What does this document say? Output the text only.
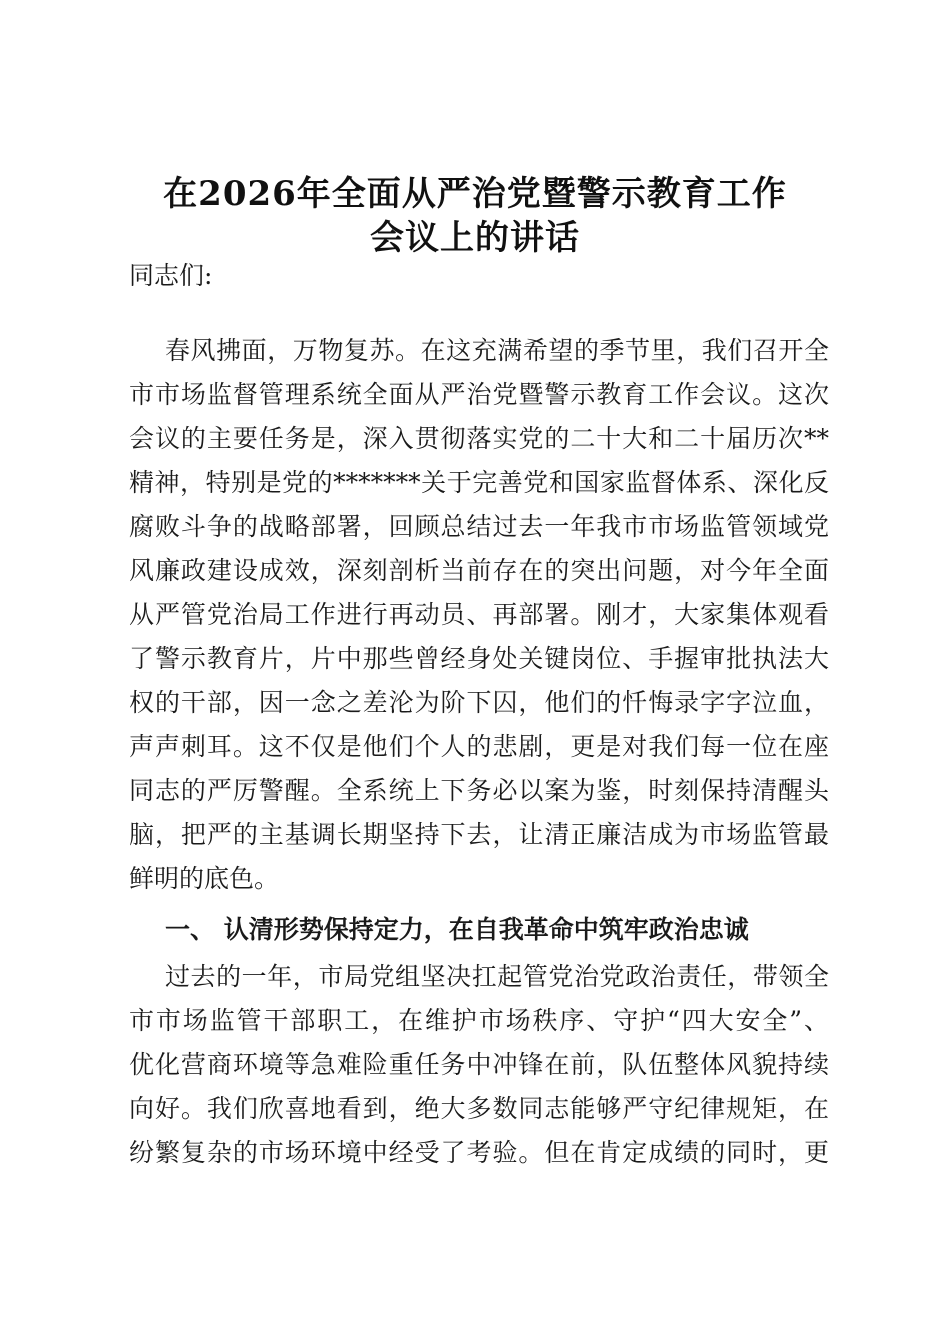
在2026年全面从严治党暨警示教育工作
会议上的讲话
同志们:
春风拂面，万物复苏。在这充满希望的季节里，我们召开全
市市场监督管理系统全面从严治党暨警示教育工作会议。这次
会议的主要任务是，深入贯彻落实党的二十大和二十届历次**
精神，特别是党的*******关于完善党和国家监督体系、深化反
腐败斗争的战略部署，回顾总结过去一年我市市场监管领域党
风廉政建设成效，深刻剖析当前存在的突出问题，对今年全面
从严管党治局工作进行再动员、再部署。刚才，大家集体观看
了警示教育片，片中那些曾经身处关键岗位、手握审批执法大
权的干部，因一念之差沦为阶下囚，他们的忏悔录字字泣血，
声声刺耳。这不仅是他们个人的悲剧，更是对我们每一位在座
同志的严厉警醒。全系统上下务必以案为鉴，时刻保持清醒头
脑，把严的主基调长期坚持下去，让清正廉洁成为市场监管最
鲜明的底色。
一、 认清形势保持定力，在自我革命中筑牢政治忠诚
过去的一年，市局党组坚决扛起管党治党政治责任，带领全
市市场监管干部职工，在维护市场秩序、守护“四大安全”、
优化营商环境等急难险重任务中冲锋在前，队伍整体风貌持续
向好。我们欣喜地看到，绝大多数同志能够严守纪律规矩，在
纷繁复杂的市场环境中经受了考验。但在肯定成绩的同时，更
